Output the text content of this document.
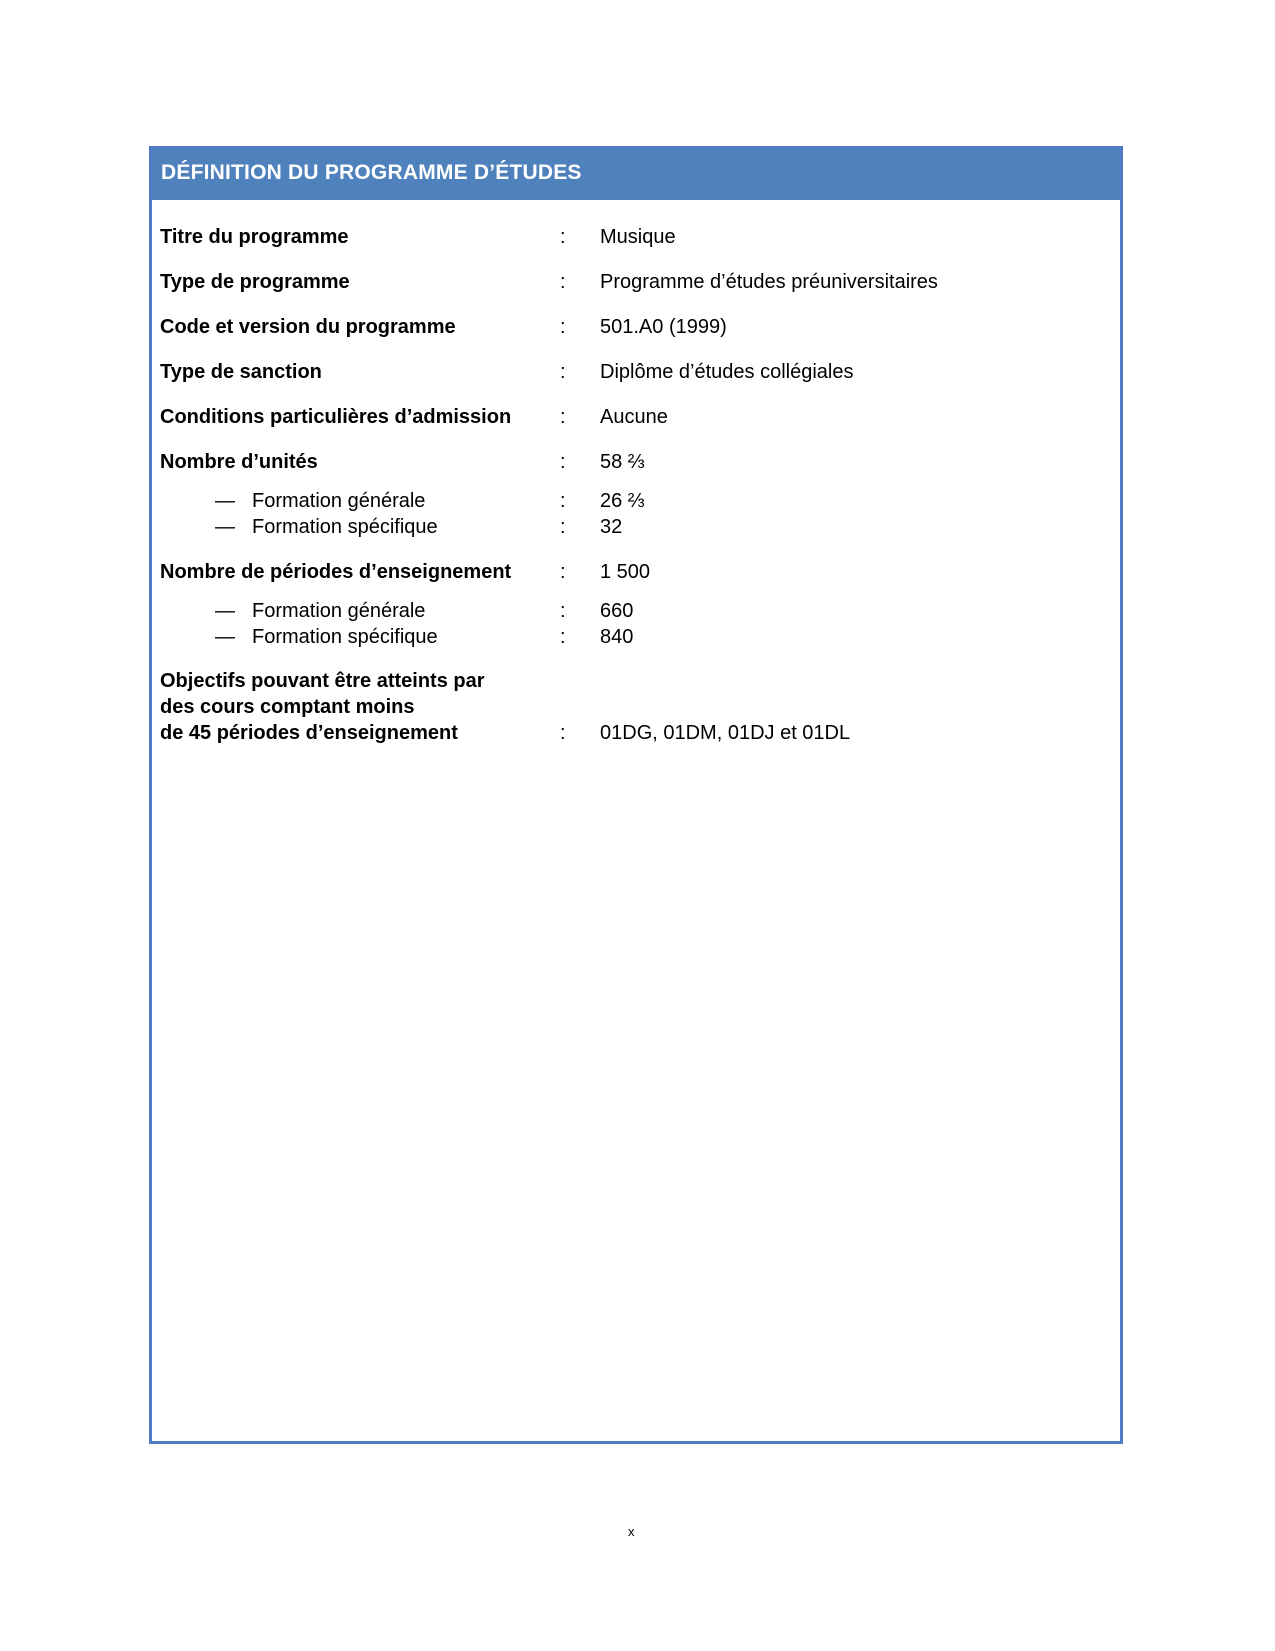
DÉFINITION DU PROGRAMME D’ÉTUDES
Titre du programme	: Musique
Type de programme	: Programme d’études préuniversitaires
Code et version du programme	: 501.A0 (1999)
Type de sanction	: Diplôme d’études collégiales
Conditions particulières d’admission : Aucune
Nombre d’unités	: 58 ⅔
— Formation générale	: 26 ⅔
— Formation spécifique	: 32
Nombre de périodes d’enseignement : 1 500
— Formation générale	: 660
— Formation spécifique	: 840
Objectifs pouvant être atteints par
des cours comptant moins
de 45 périodes d’enseignement	: 01DG, 01DM, 01DJ et 01DL
x
